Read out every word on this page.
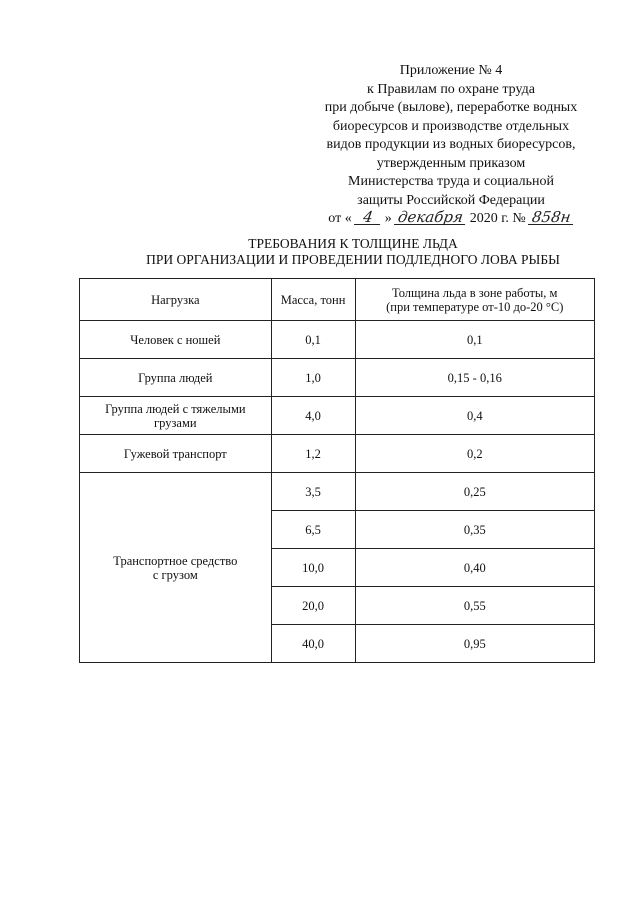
Приложение № 4
к Правилам по охране труда
при добыче (вылове), переработке водных
биоресурсов и производстве отдельных
видов продукции из водных биоресурсов,
утвержденным приказом
Министерства труда и социальной
защиты Российской Федерации
от « 4 » декабря 2020 г. № 858н
ТРЕБОВАНИЯ К ТОЛЩИНЕ ЛЬДА
ПРИ ОРГАНИЗАЦИИ И ПРОВЕДЕНИИ ПОДЛЕДНОГО ЛОВА РЫБЫ
Нагрузка	Масса, тонн	Толщина льда в зоне работы, м
(при температуре от-10 до-20 °С)

Человек с ношей	0,1	0,1
Группа людей	1,0	0,15 - 0,16
Группа людей с тяжелыми грузами	4,0	0,4
Гужевой транспорт	1,2	0,2

Транспортное средство
с грузом	3,5	0,25
	6,5	0,35
	10,0	0,40
	20,0	0,55
	40,0	0,95
